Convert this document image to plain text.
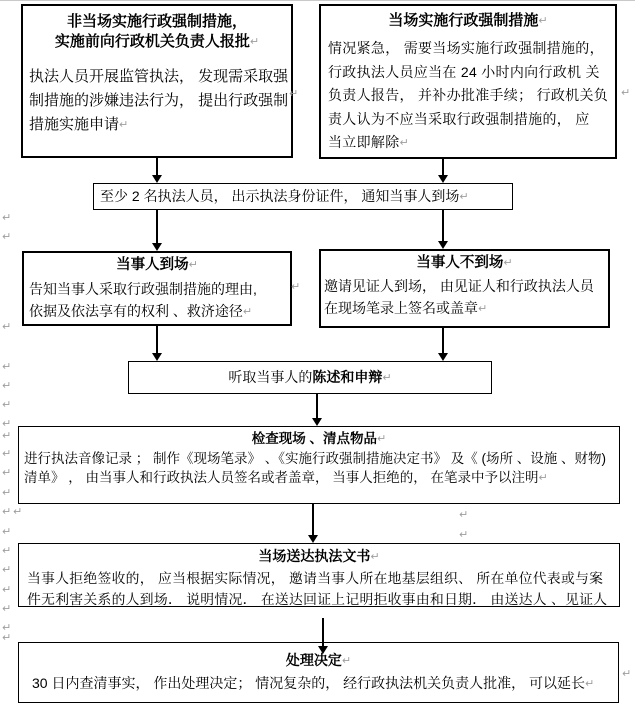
非当场实施行政强制措施，
实施前向行政机关负责人报批↵
执法人员开展监管执法， 发现需采取强
制措施的涉嫌违法行为， 提出行政强制
措施实施申请↵
当场实施行政强制措施↵
情况紧急， 需要当场实施行政强制措施的，
行政执法人员应当在 24 小时内向行政机 关
负责人报告， 并补办批准手续； 行政机关负
责人认为不应当采取行政强制措施的， 应
当立即解除↵
至少 2 名执法人员， 出示执法身份证件， 通知当事人到场↵
当事人到场↵
告知当事人采取行政强制措施的理由,
依据及依法享有的权利 、救济途径↵
当事人不到场↵
邀请见证人到场， 由见证人和行政执法人员
在现场笔录上签名或盖章↵
听取当事人的陈述和申辩↵
检查现场 、清点物品↵
进行执法音像记录 ； 制作《现场笔录》 、《实施行政强制措施决定书》 及《 (场所 、设施 、财物)
清单》 ， 由当事人和行政执法人员签名或者盖章， 当事人拒绝的， 在笔录中予以注明↵
当场送达执法文书↵
当事人拒绝签收的， 应当根据实际情况， 邀请当事人所在地基层组织、 所在单位代表或与案
件无利害关系的人到场． 说明情况． 在送达回证上记明拒收事由和日期． 由送达人 、见证人
处理决定↵
30 日内查清事实， 作出处理决定； 情况复杂的， 经行政执法机关负责人批准， 可以延长↵
↵	↵
↵
↵
↵
↵
↵
↵
↵
↵
↵
↵
↵
↵
↵
↵
↵
↵ ↵
↵
↵
↵
↵
↵
↵
↵
